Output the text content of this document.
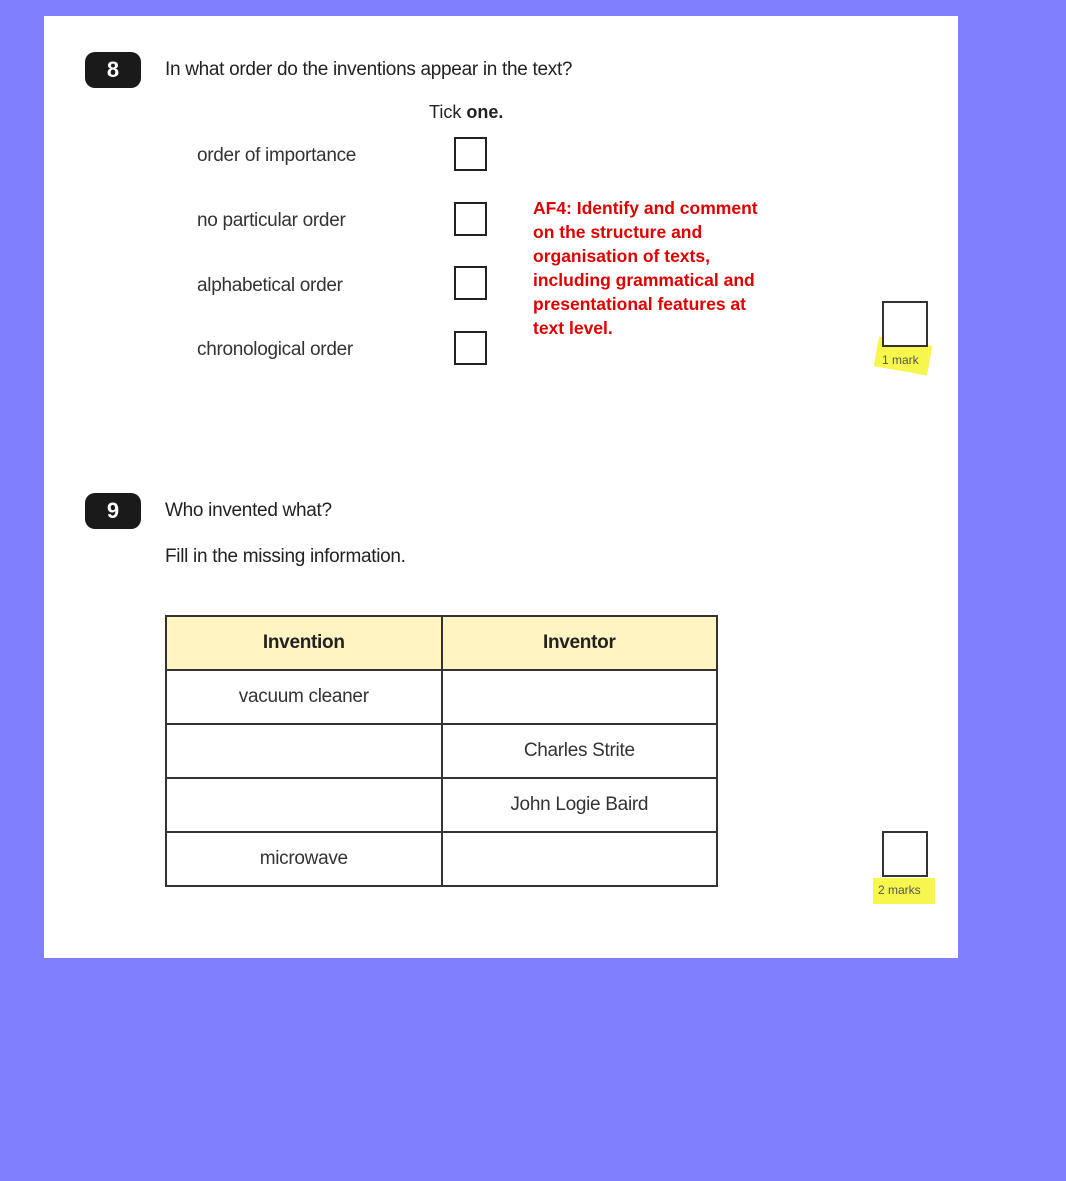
8	In what order do the inventions appear in the text?
Tick one.
order of importance
no particular order
alphabetical order
chronological order
AF4: Identify and comment
on the structure and
organisation of texts,
including grammatical and
presentational features at
text level.
1 mark
9	Who invented what?
Fill in the missing information.
Invention	Inventor
vacuum cleaner	
	Charles Strite
	John Logie Baird
microwave	
2 marks
